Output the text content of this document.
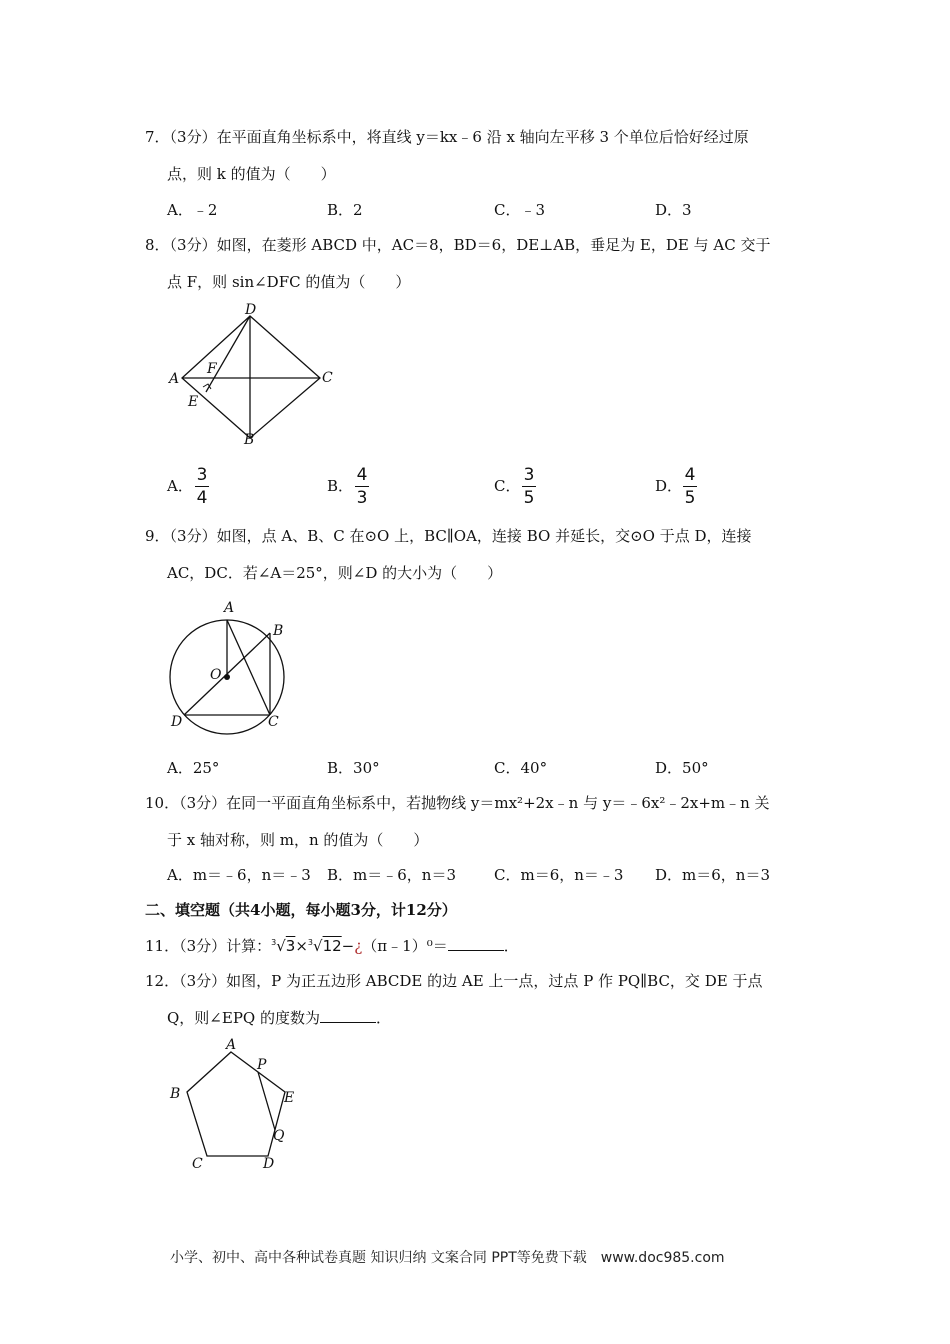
7．（3分）在平面直角坐标系中，将直线 y＝kx﹣6 沿 x 轴向左平移 3 个单位后恰好经过原
点，则 k 的值为（　　）
A．﹣2	B．2	C．﹣3	D．3
8．（3分）如图，在菱形 ABCD 中，AC＝8，BD＝6，DE⊥AB，垂足为 E，DE 与 AC 交于
点 F，则 sin∠DFC 的值为（　　）
D
A
F
E
C
B
A．
3
4
B．
4
3
C．
3
5
D．
4
5
9．（3分）如图，点 A、B、C 在⊙O 上，BC∥OA，连接 BO 并延长，交⊙O 于点 D，连接
AC，DC．若∠A＝25°，则∠D 的大小为（　　）
A
B
O
D	C
A．25°	B．30°	C．40°	D．50°
10．（3分）在同一平面直角坐标系中，若抛物线 y＝mx²+2x﹣n 与 y＝﹣6x²﹣2x+m﹣n 关
于 x 轴对称，则 m，n 的值为（　　）
A．m＝﹣6，n＝﹣3 B．m＝﹣6，n＝3	C．m＝6，n＝﹣3 D．m＝6，n＝3
二、填空题（共4小题，每小题3分，计12分）
11．（3分）计算：$^3$√3×$^3$√12−¿（π﹣1）⁰＝	．
12．（3分）如图，P 为正五边形 ABCDE 的边 AE 上一点，过点 P 作 PQ∥BC，交 DE 于点
Q，则∠EPQ 的度数为	．
A
P
B	E
Q
C	D
小学、初中、高中各种试卷真题 知识归纳 文案合同 PPT等免费下载　www.doc985.com
